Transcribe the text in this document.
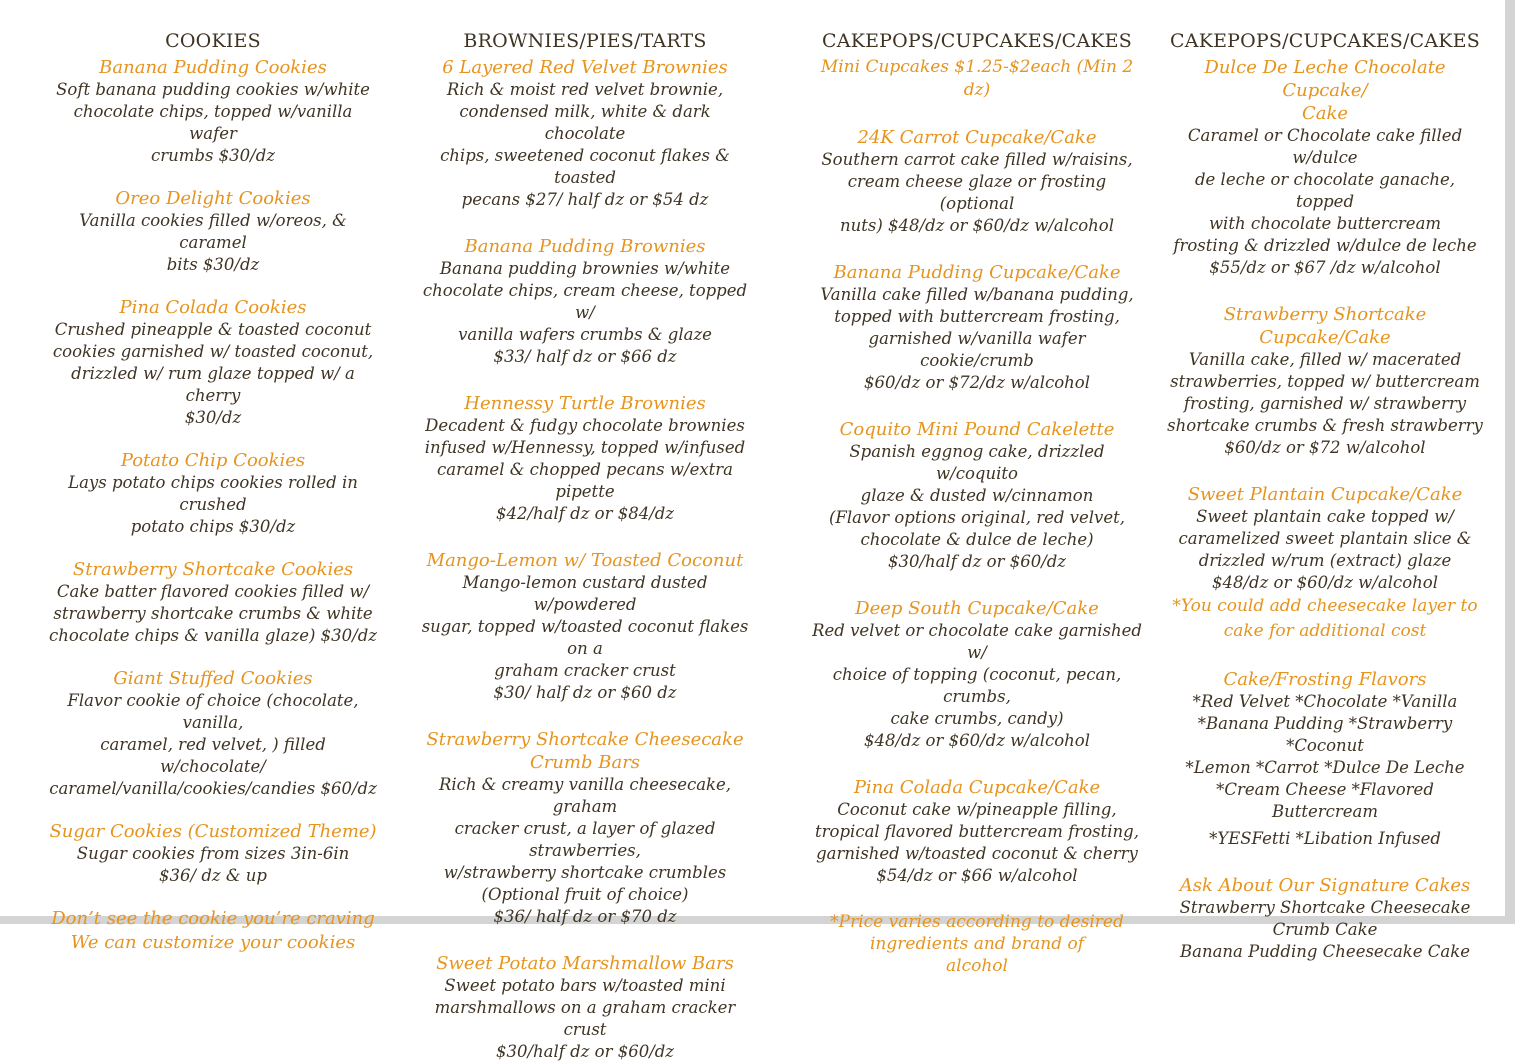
COOKIES
Banana Pudding Cookies
Soft banana pudding cookies w/white
chocolate chips, topped w/vanilla wafer
crumbs $30/dz
Oreo Delight Cookies
Vanilla cookies filled w/oreos, & caramel
bits $30/dz
Pina Colada Cookies
Crushed pineapple & toasted coconut
cookies garnished w/ toasted coconut,
drizzled w/ rum glaze topped w/ a cherry
$30/dz
Potato Chip Cookies
Lays potato chips cookies rolled in crushed
potato chips $30/dz
Strawberry Shortcake Cookies
Cake batter flavored cookies filled w/
strawberry shortcake crumbs & white
chocolate chips & vanilla glaze) $30/dz
Giant Stuffed Cookies
Flavor cookie of choice (chocolate, vanilla,
caramel, red velvet, ) filled w/chocolate/
caramel/vanilla/cookies/candies $60/dz
Sugar Cookies (Customized Theme)
Sugar cookies from sizes 3in-6in
$36/ dz & up
Don’t see the cookie you’re craving
We can customize your cookies
BROWNIES/PIES/TARTS
6 Layered Red Velvet Brownies
Rich & moist red velvet brownie,
condensed milk, white & dark chocolate
chips, sweetened coconut flakes & toasted
pecans $27/ half dz or $54 dz
Banana Pudding Brownies
Banana pudding brownies w/white
chocolate chips, cream cheese, topped w/
vanilla wafers crumbs & glaze
$33/ half dz or $66 dz
Hennessy Turtle Brownies
Decadent & fudgy chocolate brownies
infused w/Hennessy, topped w/infused
caramel & chopped pecans w/extra pipette
$42/half dz or $84/dz
Mango-Lemon w/ Toasted Coconut
Mango-lemon custard dusted w/powdered
sugar, topped w/toasted coconut flakes on a
graham cracker crust
$30/ half dz or $60 dz
Strawberry Shortcake Cheesecake
Crumb Bars
Rich & creamy vanilla cheesecake, graham
cracker crust, a layer of glazed strawberries,
w/strawberry shortcake crumbles
(Optional fruit of choice)
$36/ half dz or $70 dz
Sweet Potato Marshmallow Bars
Sweet potato bars w/toasted mini
marshmallows on a graham cracker crust
$30/half dz or $60/dz
CAKEPOPS/CUPCAKES/CAKES
Mini Cupcakes $1.25-$2each (Min 2 dz)
24K Carrot Cupcake/Cake
Southern carrot cake filled w/raisins,
cream cheese glaze or frosting (optional
nuts) $48/dz or $60/dz w/alcohol
Banana Pudding Cupcake/Cake
Vanilla cake filled w/banana pudding,
topped with buttercream frosting,
garnished w/vanilla wafer cookie/crumb
$60/dz or $72/dz w/alcohol
Coquito Mini Pound Cakelette
Spanish eggnog cake, drizzled w/coquito
glaze & dusted w/cinnamon
(Flavor options original, red velvet,
chocolate & dulce de leche)
$30/half dz or $60/dz
Deep South Cupcake/Cake
Red velvet or chocolate cake garnished w/
choice of topping (coconut, pecan, crumbs,
cake crumbs, candy)
$48/dz or $60/dz w/alcohol
Pina Colada Cupcake/Cake
Coconut cake w/pineapple filling,
tropical flavored buttercream frosting,
garnished w/toasted coconut & cherry
$54/dz or $66 w/alcohol
*Price varies according to desired
ingredients and brand of
alcohol
CAKEPOPS/CUPCAKES/CAKES
Dulce De Leche Chocolate Cupcake/
Cake
Caramel or Chocolate cake filled w/dulce
de leche or chocolate ganache, topped
with chocolate buttercream
frosting & drizzled w/dulce de leche
$55/dz or $67 /dz w/alcohol
Strawberry Shortcake Cupcake/Cake
Vanilla cake, filled w/ macerated
strawberries, topped w/ buttercream
frosting, garnished w/ strawberry
shortcake crumbs & fresh strawberry
$60/dz or $72 w/alcohol
Sweet Plantain Cupcake/Cake
Sweet plantain cake topped w/
caramelized sweet plantain slice &
drizzled w/rum (extract) glaze
$48/dz or $60/dz w/alcohol
*You could add cheesecake layer to
cake for additional cost
Cake/Frosting Flavors
*Red Velvet *Chocolate *Vanilla
*Banana Pudding *Strawberry *Coconut
*Lemon *Carrot *Dulce De Leche
*Cream Cheese *Flavored Buttercream
*YESFetti *Libation Infused
Ask About Our Signature Cakes
Strawberry Shortcake Cheesecake
Crumb Cake
Banana Pudding Cheesecake Cake
